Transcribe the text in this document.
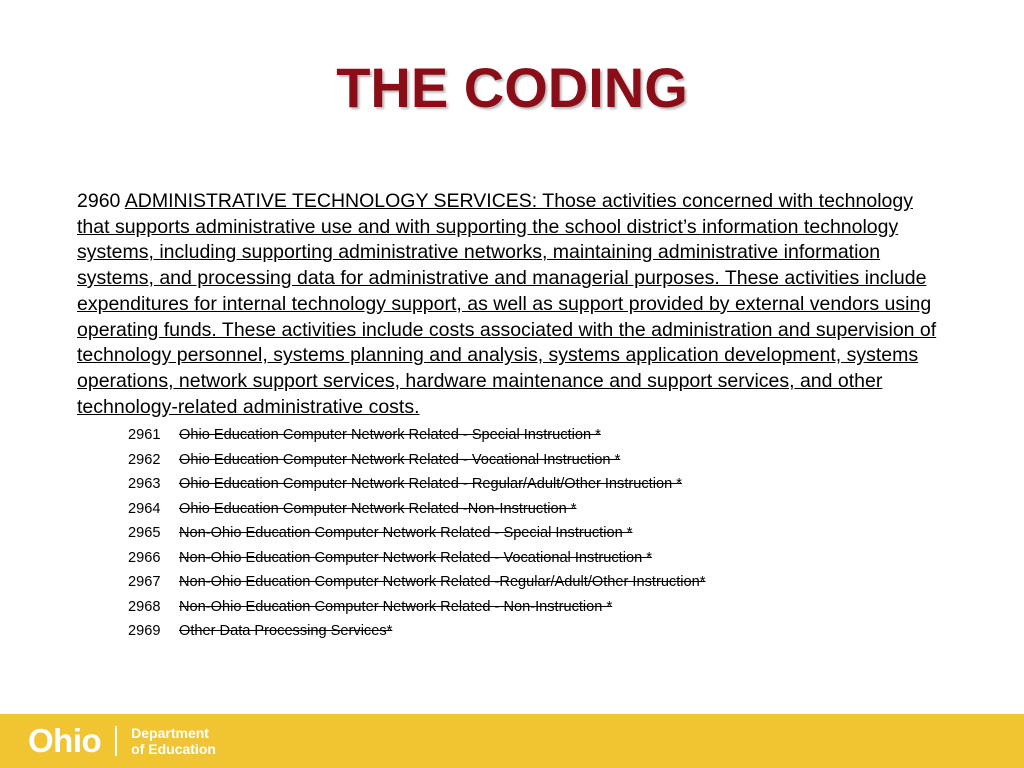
THE CODING

2960 ADMINISTRATIVE TECHNOLOGY SERVICES: Those activities concerned with technology that supports administrative use and with supporting the school district’s information technology systems, including supporting administrative networks, maintaining administrative information systems, and processing data for administrative and managerial purposes. These activities include expenditures for internal technology support, as well as support provided by external vendors using operating funds. These activities include costs associated with the administration and supervision of technology personnel, systems planning and analysis, systems application development, systems operations, network support services, hardware maintenance and support services, and other technology-related administrative costs.

2961 Ohio Education Computer Network Related - Special Instruction *
2962 Ohio Education Computer Network Related - Vocational Instruction *
2963 Ohio Education Computer Network Related - Regular/Adult/Other Instruction *
2964 Ohio Education Computer Network Related -Non-Instruction *
2965 Non-Ohio Education Computer Network Related - Special Instruction *
2966 Non-Ohio Education Computer Network Related - Vocational Instruction *
2967 Non-Ohio Education Computer Network Related -Regular/Adult/Other Instruction*
2968 Non-Ohio Education Computer Network Related - Non-Instruction *
2969 Other Data Processing Services*
Ohio Department
of Education
